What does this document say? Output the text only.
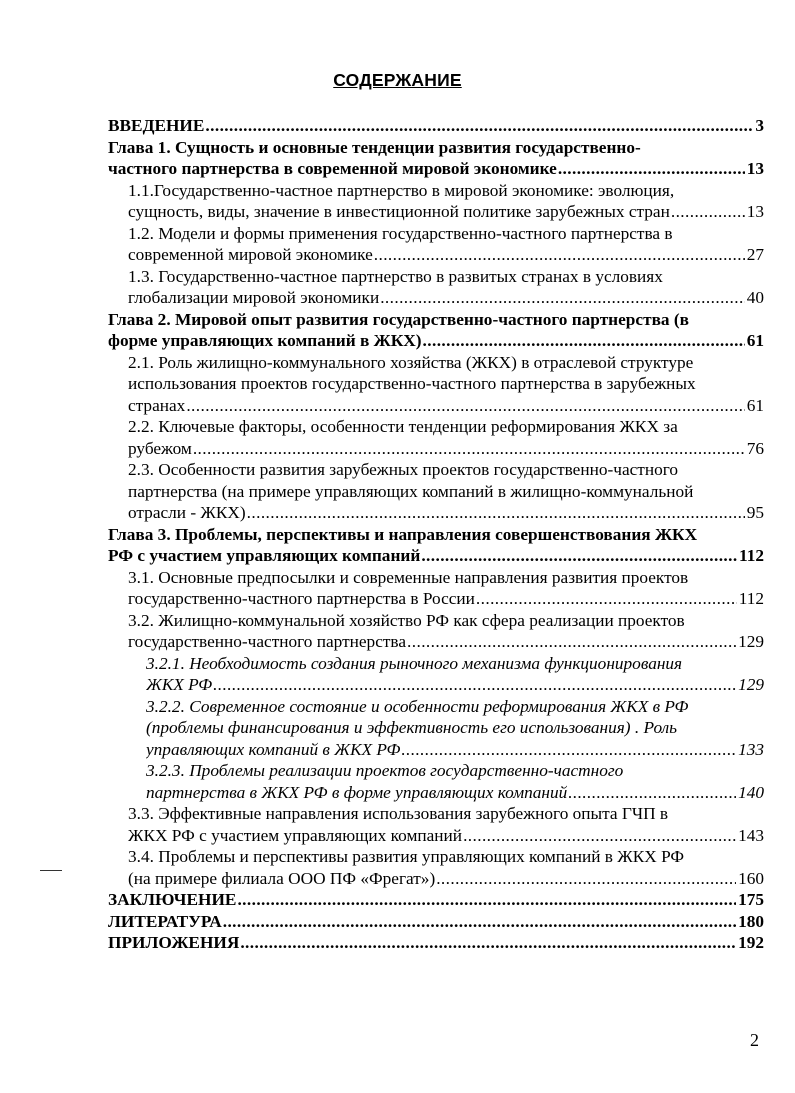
СОДЕРЖАНИЕ
ВВЕДЕНИЕ .....	3
Глава 1. Сущность и основные тенденции развития государственно-
частного партнерства в современной мировой экономике .....	13
1.1.Государственно-частное партнерство в мировой экономике: эволюция,
сущность, виды, значение в инвестиционной политике зарубежных стран .....	13
1.2. Модели и формы применения государственно-частного партнерства в
современной мировой экономике .....	27
1.3. Государственно-частное партнерство в развитых странах в условиях
глобализации мировой экономики .....	40
Глава 2. Мировой опыт развития государственно-частного партнерства (в
форме управляющих компаний в ЖКХ) .....	61
2.1. Роль жилищно-коммунального хозяйства (ЖКХ) в отраслевой структуре
использования проектов государственно-частного партнерства в зарубежных
странах .....	61
2.2. Ключевые факторы, особенности тенденции реформирования ЖКХ за
рубежом .....	76
2.3. Особенности развития зарубежных проектов государственно-частного
партнерства (на примере управляющих компаний в жилищно-коммунальной
отрасли - ЖКХ) .....	95
Глава 3. Проблемы, перспективы и направления совершенствования ЖКХ
РФ с участием управляющих компаний .....	112
3.1. Основные предпосылки и современные направления развития проектов
государственно-частного партнерства в России .....	112
3.2. Жилищно-коммунальной хозяйство РФ как сфера реализации проектов
государственно-частного партнерства .....	129
3.2.1. Необходимость создания рыночного механизма функционирования
ЖКХ РФ .....	129
3.2.2. Современное состояние и особенности реформирования ЖКХ в РФ
(проблемы финансирования и эффективность его использования) . Роль
управляющих компаний в ЖКХ РФ .....	133
3.2.3. Проблемы реализации проектов государственно-частного
партнерства в ЖКХ РФ в форме управляющих компаний .....	140
3.3. Эффективные направления использования зарубежного опыта ГЧП в
ЖКХ РФ с участием управляющих компаний .....	143
3.4. Проблемы и перспективы развития управляющих компаний в ЖКХ РФ
(на примере филиала ООО ПФ «Фрегат») .....	160
ЗАКЛЮЧЕНИЕ .....	175
ЛИТЕРАТУРА .....	180
ПРИЛОЖЕНИЯ .....	192
2
